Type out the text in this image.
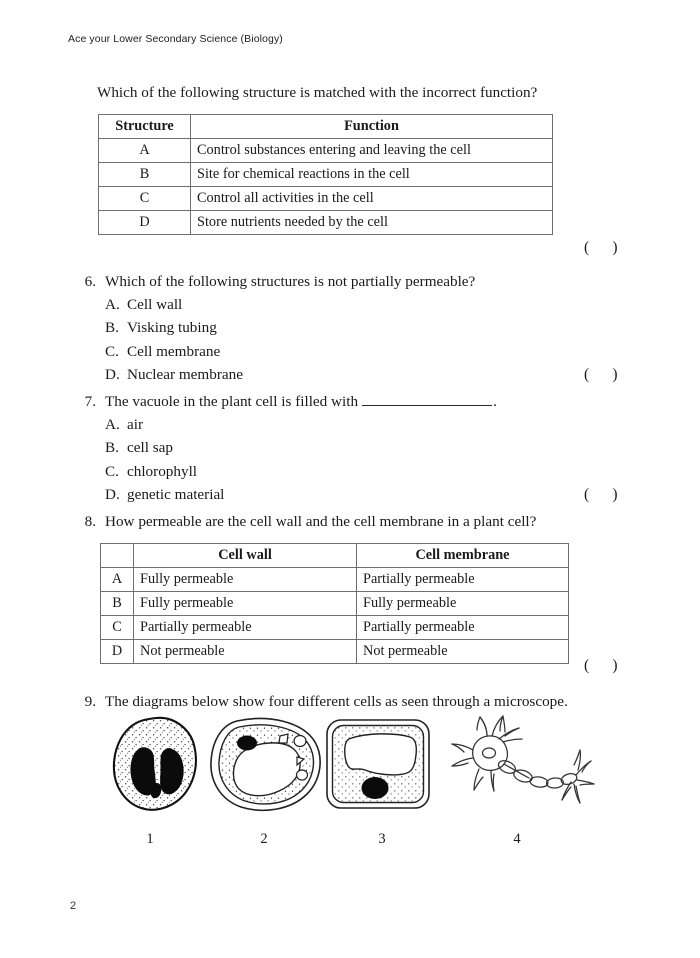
Ace your Lower Secondary Science (Biology)
Which of the following structure is matched with the incorrect function?
Structure	Function
A	Control substances entering and leaving the cell
B	Site for chemical reactions in the cell
C	Control all activities in the cell
D	Store nutrients needed by the cell
(      )
6. Which of the following structures is not partially permeable?
A. Cell wall
B. Visking tubing
C. Cell membrane
D. Nuclear membrane	(      )
7. The vacuole in the plant cell is filled with	.
A. air
B. cell sap
C. chlorophyll
D. genetic material	(      )
8. How permeable are the cell wall and the cell membrane in a plant cell?
	Cell wall	Cell membrane
A	Fully permeable	Partially permeable
B	Fully permeable	Fully permeable
C	Partially permeable	Partially permeable
D	Not permeable	Not permeable
(      )
9. The diagrams below show four different cells as seen through a microscope.
1	2	3	4
2
